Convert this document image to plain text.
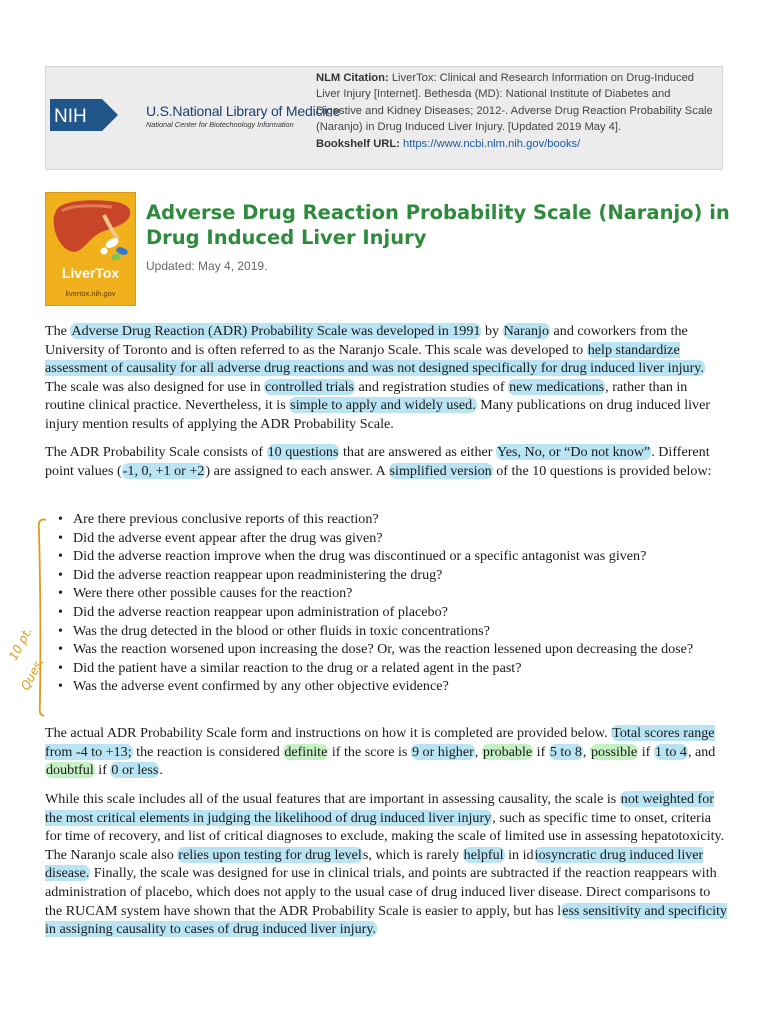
NIH	U.S.National Library of Medicine
National Center for Biotechnology Information
NLM Citation: LiverTox: Clinical and Research Information on Drug-Induced Liver Injury [Internet]. Bethesda (MD): National Institute of Diabetes and Digestive and Kidney Diseases; 2012-. Adverse Drug Reaction Probability Scale (Naranjo) in Drug Induced Liver Injury. [Updated 2019 May 4].
Bookshelf URL: https://www.ncbi.nlm.nih.gov/books/
LiverTox
livertox.nih.gov
Adverse Drug Reaction Probability Scale (Naranjo) in Drug Induced Liver Injury
Updated: May 4, 2019.

The Adverse Drug Reaction (ADR) Probability Scale was developed in 1991 by Naranjo and coworkers from the University of Toronto and is often referred to as the Naranjo Scale. This scale was developed to help standardize assessment of causality for all adverse drug reactions and was not designed specifically for drug induced liver injury. The scale was also designed for use in controlled trials and registration studies of new medications, rather than in routine clinical practice. Nevertheless, it is simple to apply and widely used. Many publications on drug induced liver injury mention results of applying the ADR Probability Scale.

The ADR Probability Scale consists of 10 questions that are answered as either Yes, No, or “Do not know”. Different point values (-1, 0, +1 or +2) are assigned to each answer. A simplified version of the 10 questions is provided below:

10 pt.
Ques.
• Are there previous conclusive reports of this reaction?
• Did the adverse event appear after the drug was given?
• Did the adverse reaction improve when the drug was discontinued or a specific antagonist was given?
• Did the adverse reaction reappear upon readministering the drug?
• Were there other possible causes for the reaction?
• Did the adverse reaction reappear upon administration of placebo?
• Was the drug detected in the blood or other fluids in toxic concentrations?
• Was the reaction worsened upon increasing the dose? Or, was the reaction lessened upon decreasing the dose?
• Did the patient have a similar reaction to the drug or a related agent in the past?
• Was the adverse event confirmed by any other objective evidence?

The actual ADR Probability Scale form and instructions on how it is completed are provided below. Total scores range from -4 to +13; the reaction is considered definite if the score is 9 or higher, probable if 5 to 8, possible if 1 to 4, and doubtful if 0 or less.

While this scale includes all of the usual features that are important in assessing causality, the scale is not weighted for the most critical elements in judging the likelihood of drug induced liver injury, such as specific time to onset, criteria for time of recovery, and list of critical diagnoses to exclude, making the scale of limited use in assessing hepatotoxicity. The Naranjo scale also relies upon testing for drug levels, which is rarely helpful in idiosyncratic drug induced liver disease. Finally, the scale was designed for use in clinical trials, and points are subtracted if the reaction reappears with administration of placebo, which does not apply to the usual case of drug induced liver disease. Direct comparisons to the RUCAM system have shown that the ADR Probability Scale is easier to apply, but has less sensitivity and specificity in assigning causality to cases of drug induced liver injury.
